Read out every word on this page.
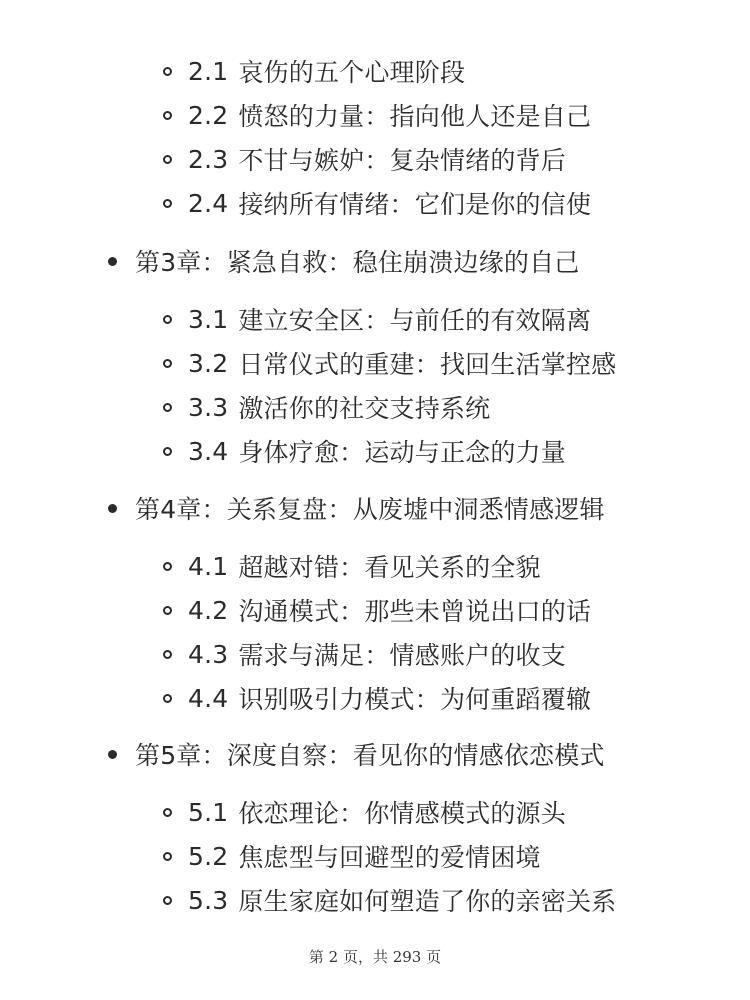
2.1 哀伤的五个心理阶段
2.2 愤怒的力量：指向他人还是自己
2.3 不甘与嫉妒：复杂情绪的背后
2.4 接纳所有情绪：它们是你的信使
第3章：紧急自救：稳住崩溃边缘的自己
3.1 建立安全区：与前任的有效隔离
3.2 日常仪式的重建：找回生活掌控感
3.3 激活你的社交支持系统
3.4 身体疗愈：运动与正念的力量
第4章：关系复盘：从废墟中洞悉情感逻辑
4.1 超越对错：看见关系的全貌
4.2 沟通模式：那些未曾说出口的话
4.3 需求与满足：情感账户的收支
4.4 识别吸引力模式：为何重蹈覆辙
第5章：深度自察：看见你的情感依恋模式
5.1 依恋理论：你情感模式的源头
5.2 焦虑型与回避型的爱情困境
5.3 原生家庭如何塑造了你的亲密关系
第 2 页，共 293 页
